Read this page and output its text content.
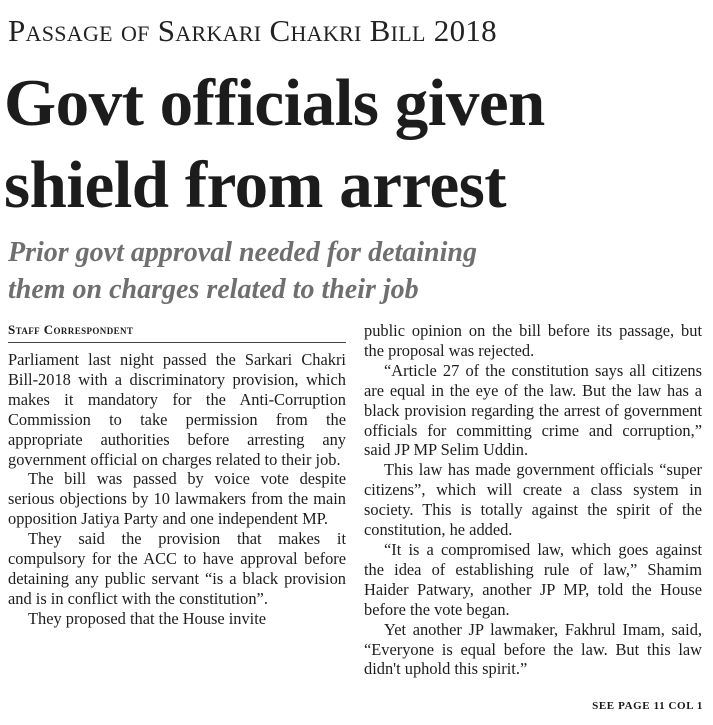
Passage of Sarkari Chakri Bill 2018
Govt officials given
shield from arrest
Prior govt approval needed for detaining
them on charges related to their job
Staff Correspondent

Parliament last night passed the Sarkari Chakri Bill-2018 with a discriminatory provision, which makes it mandatory for the Anti-Corruption Commission to take permission from the appropriate authorities before arresting any government official on charges related to their job.

The bill was passed by voice vote despite serious objections by 10 lawmakers from the main opposition Jatiya Party and one independent MP.

They said the provision that makes it compulsory for the ACC to have approval before detaining any public servant “is a black provision and is in conflict with the constitution”.

They proposed that the House invite

public opinion on the bill before its passage, but the proposal was rejected.

“Article 27 of the constitution says all citizens are equal in the eye of the law. But the law has a black provision regarding the arrest of government officials for committing crime and corruption,” said JP MP Selim Uddin.

This law has made government officials “super citizens”, which will create a class system in society. This is totally against the spirit of the constitution, he added.

“It is a compromised law, which goes against the idea of establishing rule of law,” Shamim Haider Patwary, another JP MP, told the House before the vote began.

Yet another JP lawmaker, Fakhrul Imam, said, “Everyone is equal before the law. But this law didn't uphold this spirit.”

SEE PAGE 11 COL 1
